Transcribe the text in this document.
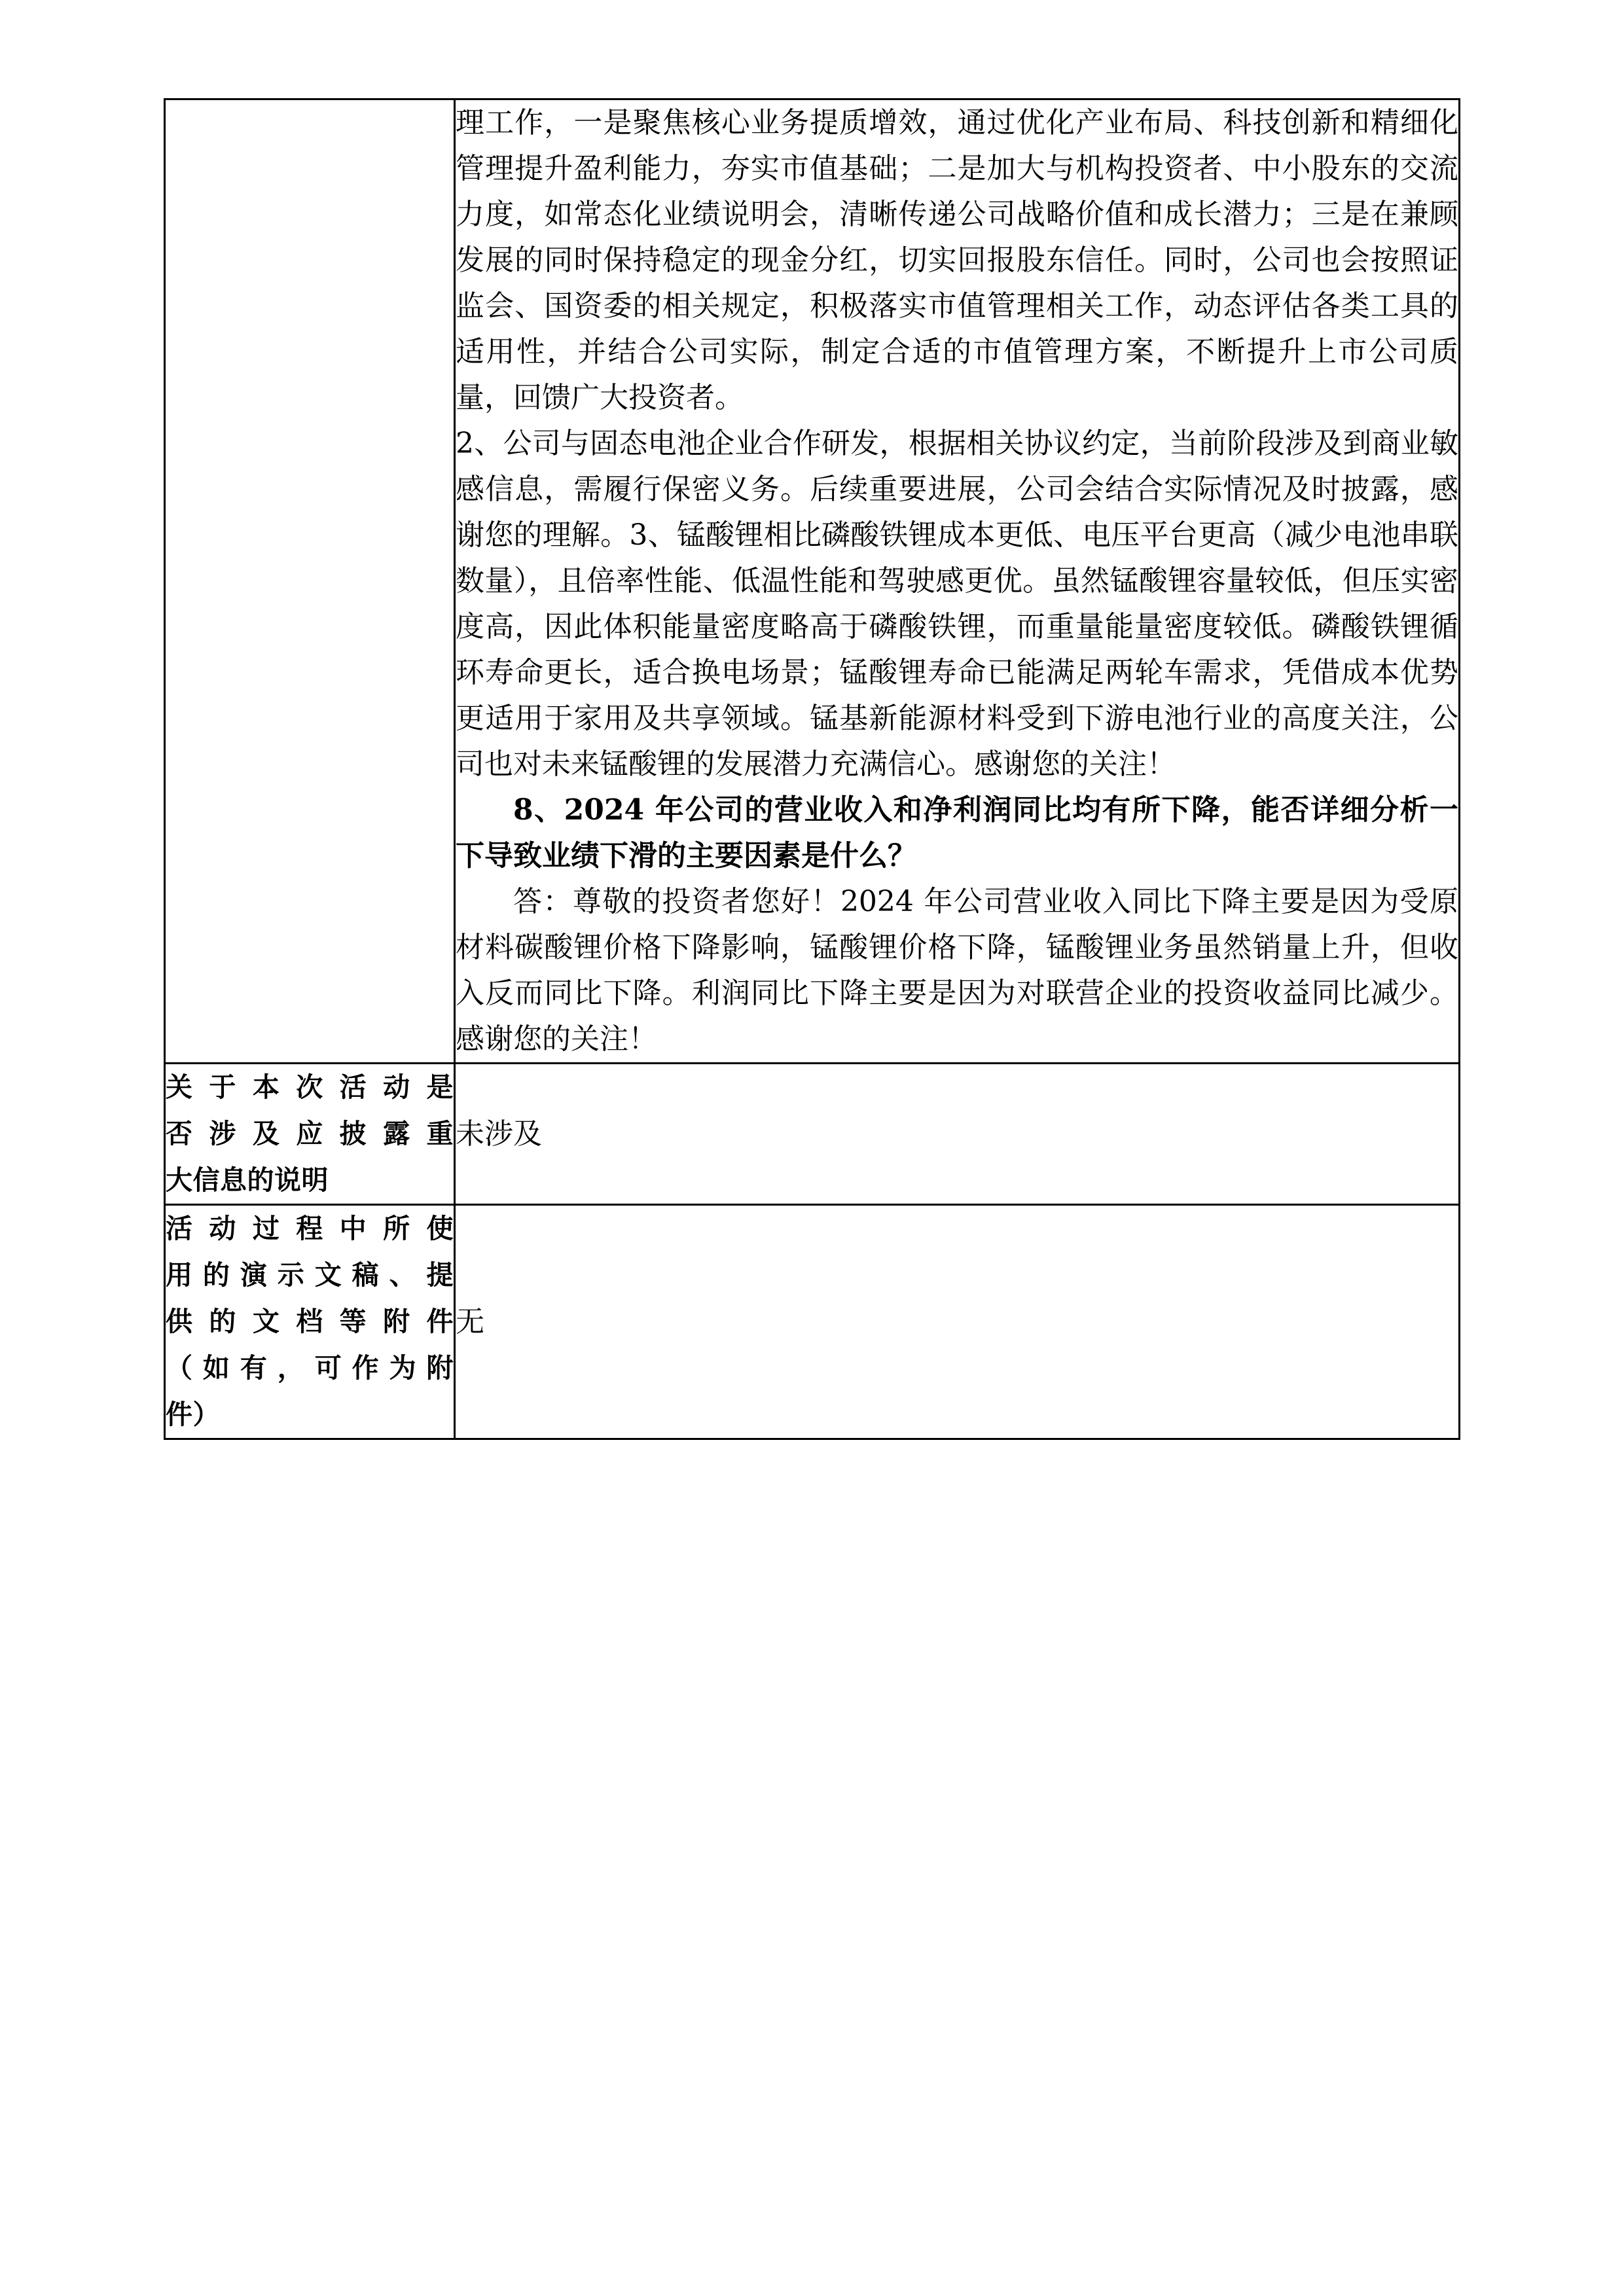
	理工作，一是聚焦核心业务提质增效，通过优化产业布局、科技创新和精细化管理提升盈利能力，夯实市值基础；二是加大与机构投资者、中小股东的交流力度，如常态化业绩说明会，清晰传递公司战略价值和成长潜力；三是在兼顾发展的同时保持稳定的现金分红，切实回报股东信任。同时，公司也会按照证监会、国资委的相关规定，积极落实市值管理相关工作，动态评估各类工具的适用性，并结合公司实际，制定合适的市值管理方案，不断提升上市公司质量，回馈广大投资者。

2、公司与固态电池企业合作研发，根据相关协议约定，当前阶段涉及到商业敏感信息，需履行保密义务。后续重要进展，公司会结合实际情况及时披露，感谢您的理解。3、锰酸锂相比磷酸铁锂成本更低、电压平台更高（减少电池串联数量），且倍率性能、低温性能和驾驶感更优。虽然锰酸锂容量较低，但压实密度高，因此体积能量密度略高于磷酸铁锂，而重量能量密度较低。磷酸铁锂循环寿命更长，适合换电场景；锰酸锂寿命已能满足两轮车需求，凭借成本优势更适用于家用及共享领域。锰基新能源材料受到下游电池行业的高度关注，公司也对未来锰酸锂的发展潜力充满信心。感谢您的关注！

8、2024 年公司的营业收入和净利润同比均有所下降，能否详细分析一下导致业绩下滑的主要因素是什么？

答：尊敬的投资者您好！2024 年公司营业收入同比下降主要是因为受原材料碳酸锂价格下降影响，锰酸锂价格下降，锰酸锂业务虽然销量上升，但收入反而同比下降。利润同比下降主要是因为对联营企业的投资收益同比减少。感谢您的关注！

关于本次活动是
否涉及应披露重
大信息的说明	未涉及

活动过程中所使
用的演示文稿、提
供的文档等附件
（如有，可作为附
件）	无
